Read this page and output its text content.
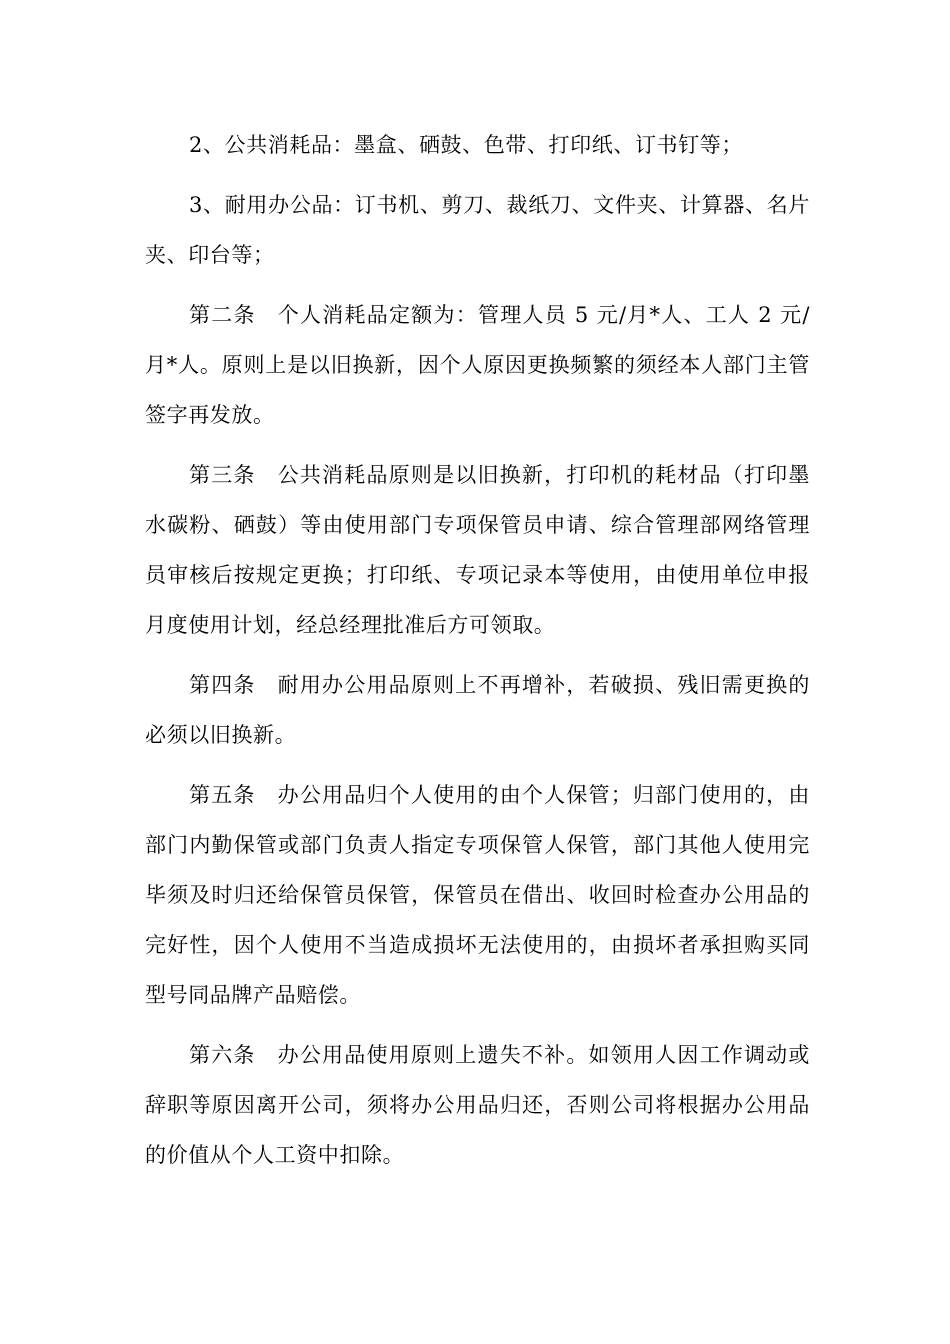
2、公共消耗品：墨盒、硒鼓、色带、打印纸、订书钉等；

3、耐用办公品：订书机、剪刀、裁纸刀、文件夹、计算器、名片夹、印台等；

第二条 个人消耗品定额为：管理人员 5 元/月*人、工人 2 元/月*人。原则上是以旧换新，因个人原因更换频繁的须经本人部门主管签字再发放。

第三条 公共消耗品原则是以旧换新，打印机的耗材品（打印墨水碳粉、硒鼓）等由使用部门专项保管员申请、综合管理部网络管理员审核后按规定更换；打印纸、专项记录本等使用，由使用单位申报月度使用计划，经总经理批准后方可领取。

第四条 耐用办公用品原则上不再增补，若破损、残旧需更换的必须以旧换新。

第五条 办公用品归个人使用的由个人保管；归部门使用的，由部门内勤保管或部门负责人指定专项保管人保管，部门其他人使用完毕须及时归还给保管员保管，保管员在借出、收回时检查办公用品的完好性，因个人使用不当造成损坏无法使用的，由损坏者承担购买同型号同品牌产品赔偿。

第六条 办公用品使用原则上遗失不补。如领用人因工作调动或辞职等原因离开公司，须将办公用品归还，否则公司将根据办公用品的价值从个人工资中扣除。
